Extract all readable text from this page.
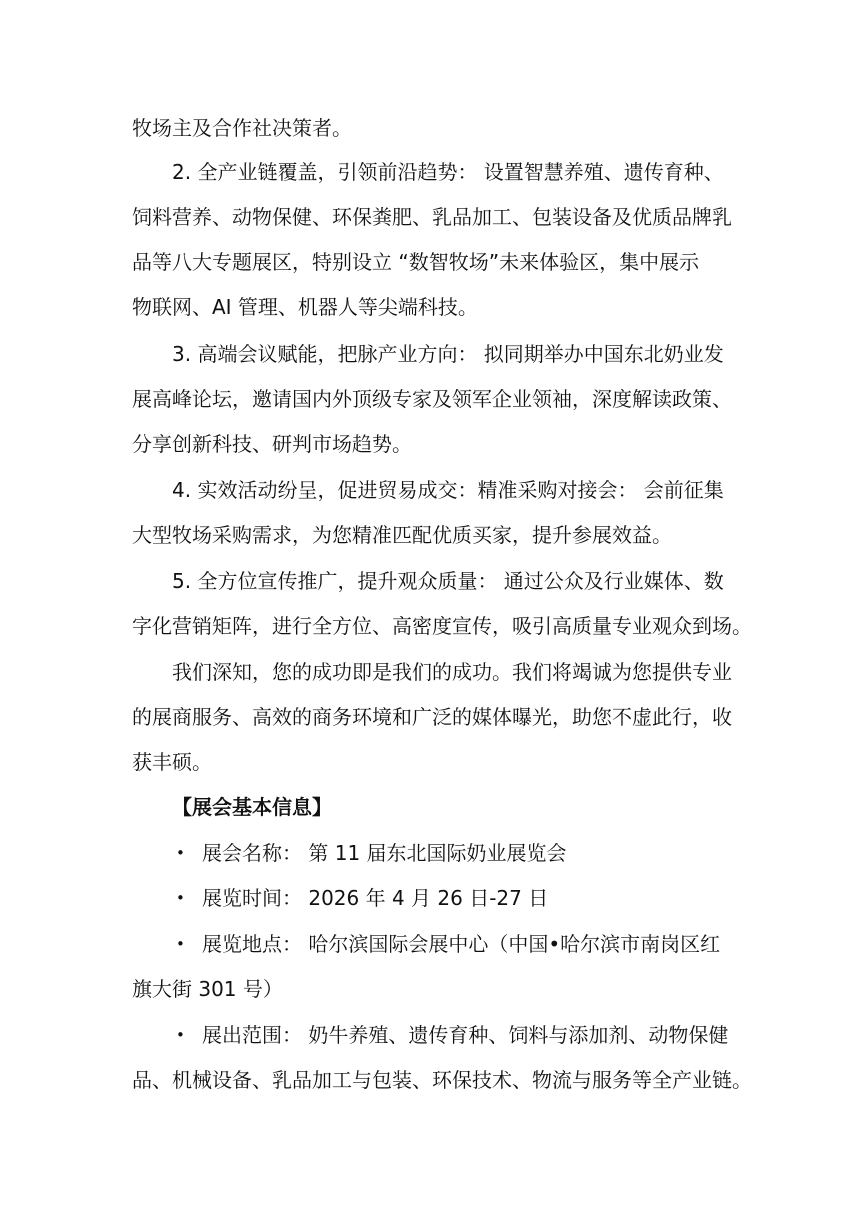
牧场主及合作社决策者。
2. 全产业链覆盖，引领前沿趋势： 设置智慧养殖、遗传育种、
饲料营养、动物保健、环保粪肥、乳品加工、包装设备及优质品牌乳
品等八大专题展区，特别设立 “数智牧场”未来体验区，集中展示
物联网、AI 管理、机器人等尖端科技。
3. 高端会议赋能，把脉产业方向： 拟同期举办中国东北奶业发
展高峰论坛，邀请国内外顶级专家及领军企业领袖，深度解读政策、
分享创新科技、研判市场趋势。
4. 实效活动纷呈，促进贸易成交：精准采购对接会： 会前征集
大型牧场采购需求，为您精准匹配优质买家，提升参展效益。
5. 全方位宣传推广，提升观众质量： 通过公众及行业媒体、数
字化营销矩阵，进行全方位、高密度宣传，吸引高质量专业观众到场。
我们深知，您的成功即是我们的成功。我们将竭诚为您提供专业
的展商服务、高效的商务环境和广泛的媒体曝光，助您不虚此行，收
获丰硕。
【展会基本信息】
• 展会名称： 第 11 届东北国际奶业展览会
• 展览时间： 2026 年 4 月 26 日-27 日
• 展览地点： 哈尔滨国际会展中心（中国•哈尔滨市南岗区红
旗大街 301 号）
• 展出范围： 奶牛养殖、遗传育种、饲料与添加剂、动物保健
品、机械设备、乳品加工与包装、环保技术、物流与服务等全产业链。
